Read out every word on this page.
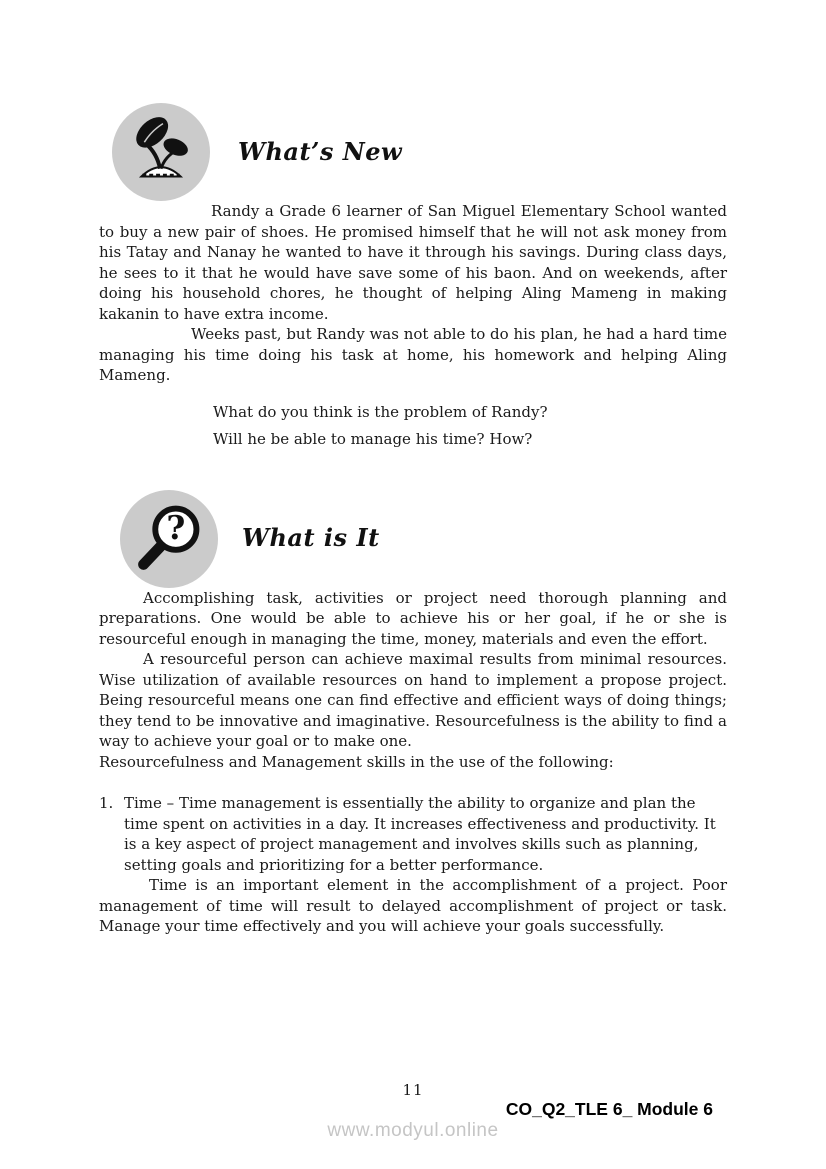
What’s New

Randy a Grade 6 learner of San Miguel Elementary School wanted to buy a new pair of shoes. He promised himself that he will not ask money from his Tatay and Nanay he wanted to have it through his savings. During class days, he sees to it that he would have save some of his baon. And on weekends, after doing his household chores, he thought of helping Aling Mameng in making kakanin to have extra income.

Weeks past, but Randy was not able to do his plan, he had a hard time managing his time doing his task at home, his homework and helping Aling Mameng.

What do you think is the problem of Randy?

Will he be able to manage his time? How?

? What is It

Accomplishing task, activities or project need thorough planning and preparations. One would be able to achieve his or her goal, if he or she is resourceful enough in managing the time, money, materials and even the effort.

A resourceful person can achieve maximal results from minimal resources. Wise utilization of available resources on hand to implement a propose project. Being resourceful means one can find effective and efficient ways of doing things; they tend to be innovative and imaginative. Resourcefulness is the ability to find a way to achieve your goal or to make one.

Resourcefulness and Management skills in the use of the following:

1. Time – Time management is essentially the ability to organize and plan the time spent on activities in a day. It increases effectiveness and productivity. It is a key aspect of project management and involves skills such as planning, setting goals and prioritizing for a better performance.

Time is an important element in the accomplishment of a project. Poor management of time will result to delayed accomplishment of project or task. Manage your time effectively and you will achieve your goals successfully.

11
CO_Q2_TLE 6_ Module 6
www.modyul.online
